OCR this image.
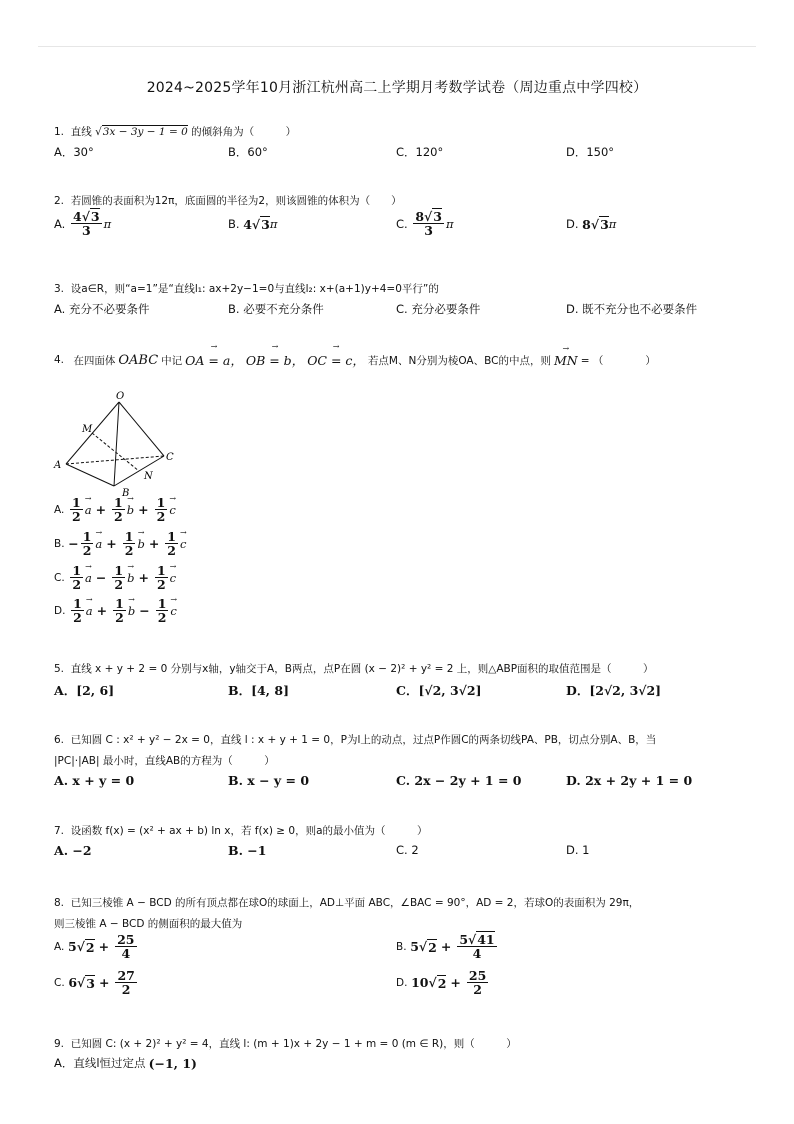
2024~2025学年10月浙江杭州高二上学期月考数学试卷（周边重点中学四校）
1. 直线 √3x − 3y − 1 = 0 的倾斜角为（　　　）
A．30°	B．60°	C．120°	D．150°
2. 若圆锥的表面积为12π，底面圆的半径为2，则该圆锥的体积为（　　）
A.
$\frac{4√3}{3}$ π	B.
4 √ 3 π	C.
$\frac{8√3}{3}$ π	D.
8 √ 3 π
3. 设a∈R，则“a=1”是“直线l₁: ax+2y−1=0与直线l₂: x+(a+1)y+4=0平行”的
A. 充分不必要条件	B. 必要不充分条件	C. 充分必要条件	D. 既不充分也不必要条件
4.
在四面体 OABC 中记 OA = a， → OB = b， → OC = c， → 若点M、N分别为棱OA、BC的中点，则 MN → = （　　　　）
O
M
A
C
N
B
A.
$\frac{1}{2}$ a → + $\frac{1}{2}$ b → + $\frac{1}{2}$ c →
B.
− $\frac{1}{2}$ a → + $\frac{1}{2}$ b → + $\frac{1}{2}$ c →
C.
$\frac{1}{2}$ a → − $\frac{1}{2}$ b → + $\frac{1}{2}$ c →
D.
$\frac{1}{2}$ a → + $\frac{1}{2}$ b → − $\frac{1}{2}$ c →
5. 直线 x + y + 2 = 0 分别与x轴，y轴交于A，B两点，点P在圆 (x − 2)² + y² = 2 上，则△ABP面积的取值范围是（　　　）
A．[2, 6]	B．[4, 8]	C．[√2, 3√2]	D．[2√2, 3√2]
6. 已知圆 C : x² + y² − 2x = 0，直线 l : x + y + 1 = 0，P为l上的动点，过点P作圆C的两条切线PA、PB，切点分别A、B，当
|PC|·|AB| 最小时，直线AB的方程为（　　　）
A. x + y = 0	B. x − y = 0	C. 2x − 2y + 1 = 0	D. 2x + 2y + 1 = 0
7. 设函数 f(x) = (x² + ax + b) ln x，若 f(x) ≥ 0，则a的最小值为（　　　）
A. −2	B. −1	C. 2	D. 1
8. 已知三棱锥 A − BCD 的所有顶点都在球O的球面上，AD⊥平面 ABC，∠BAC = 90°，AD = 2，若球O的表面积为 29π，
则三棱锥 A − BCD 的侧面积的最大值为
A.
5 √ $2 + \frac{25}{4}$	B.
5 √ $2 + \frac{5√41}{4}$
C.
6 √ $3 + \frac{27}{2}$	D.
10 √ $2 + \frac{25}{2}$
9. 已知圆 C: (x + 2)² + y² = 4，直线 l: (m + 1)x + 2y − 1 + m = 0 (m ∈ R)，则（　　　）
A．直线l恒过定点 (−1, 1)
